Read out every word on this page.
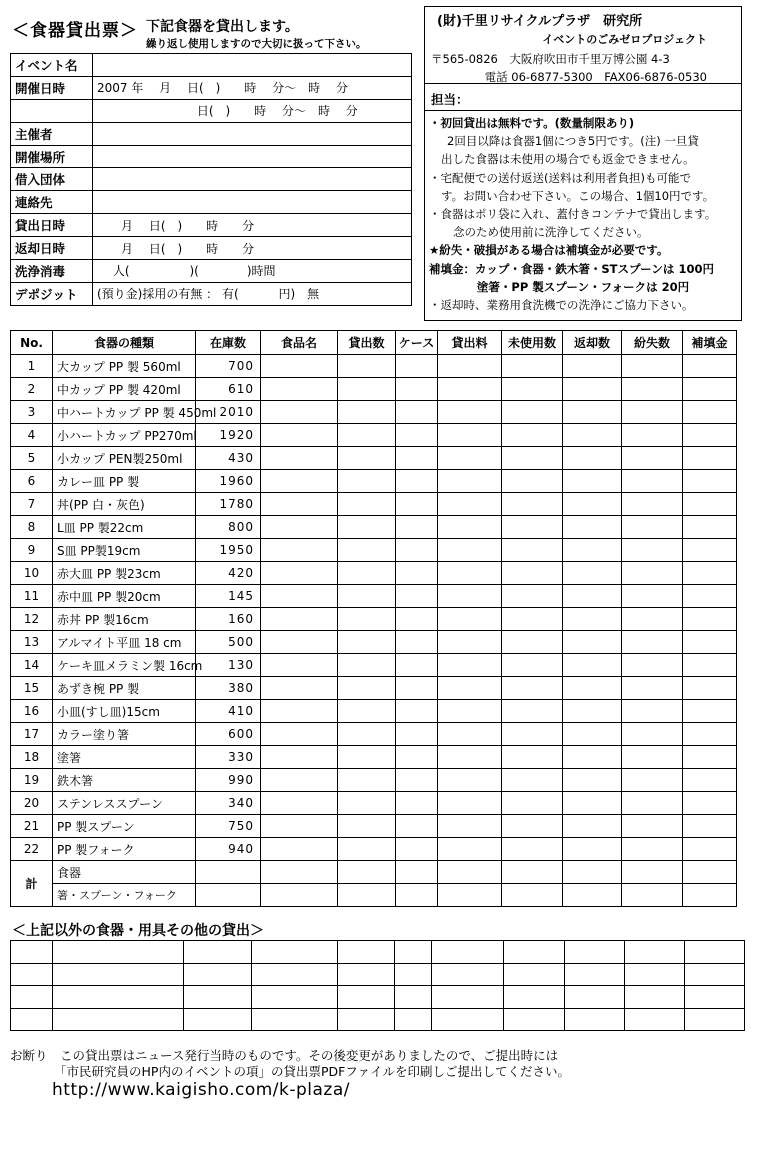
＜食器貸出票＞ 下記食器を貸出します。
繰り返し使用しますので大切に扱って下さい。
イベント名	
開催日時	2007 年　 月　 日(　)　　時　 分～　時　 分
	　　　　　　　　 日(　)　　時　 分～　時　 分
主催者	
開催場所	
借入団体	
連絡先	
貸出日時	　　月　 日(　)　　時　　分
返却日時	　　月　 日(　)　　時　　分
洗浄消毒	　 人(　　　　　)(　　　　)時間
デポジット	(預り金)採用の有無 ： 有(　　　 円)　無
(財)千里リサイクルプラザ　研究所
イベントのごみゼロプロジェクト
〒565-0826　大阪府吹田市千里万博公園 4-3
電話 06-6877-5300　FAX06-6876-0530
担当：
・初回貸出は無料です。(数量制限あり)
2回目以降は食器1個につき5円です。(注) 一旦貸
出した食器は未使用の場合でも返金できません。
・宅配便での送付返送(送料は利用者負担)も可能で
す。お問い合わせ下さい。この場合、1個10円です。
・食器はポリ袋に入れ、蓋付きコンテナで貸出します。
念のため使用前に洗浄してください。
★紛失・破損がある場合は補填金が必要です。
補填金：カップ・食器・鉄木箸・STスプーンは 100円
塗箸・PP 製スプーン・フォークは 20円
・返却時、業務用食洗機での洗浄にご協力下さい。
No.	食器の種類	在庫数	食品名	貸出数	ケース	貸出料	未使用数	返却数	紛失数	補填金
1	大カップ PP 製 560ml	700								
2	中カップ PP 製 420ml	610								
3	中ハートカップ PP 製 450ml	2010								
4	小ハートカップ PP270ml	1920								
5	小カップ PEN製250ml	430								
6	カレー皿 PP 製	1960								
7	丼(PP 白・灰色)	1780								
8	L皿 PP 製22cm	800								
9	S皿 PP製19cm	1950								
10	赤大皿 PP 製23cm	420								
11	赤中皿 PP 製20cm	145								
12	赤丼 PP 製16cm	160								
13	アルマイト平皿 18 cm	500								
14	ケーキ皿メラミン製 16cm	130								
15	あずき椀 PP 製	380								
16	小皿(すし皿)15cm	410								
17	カラー塗り箸	600								
18	塗箸	330								
19	鉄木箸	990								
20	ステンレススプーン	340								
21	PP 製スプーン	750								
22	PP 製フォーク	940								
計	食器									
	箸・スプーン・フォーク									
＜上記以外の食器・用具その他の貸出＞

お断り　この貸出票はニュース発行当時のものです。その後変更がありましたので、ご提出時には
「市民研究員のHP内のイベントの項」の貸出票PDFファイルを印刷しご提出してください。
http://www.kaigisho.com/k-plaza/
